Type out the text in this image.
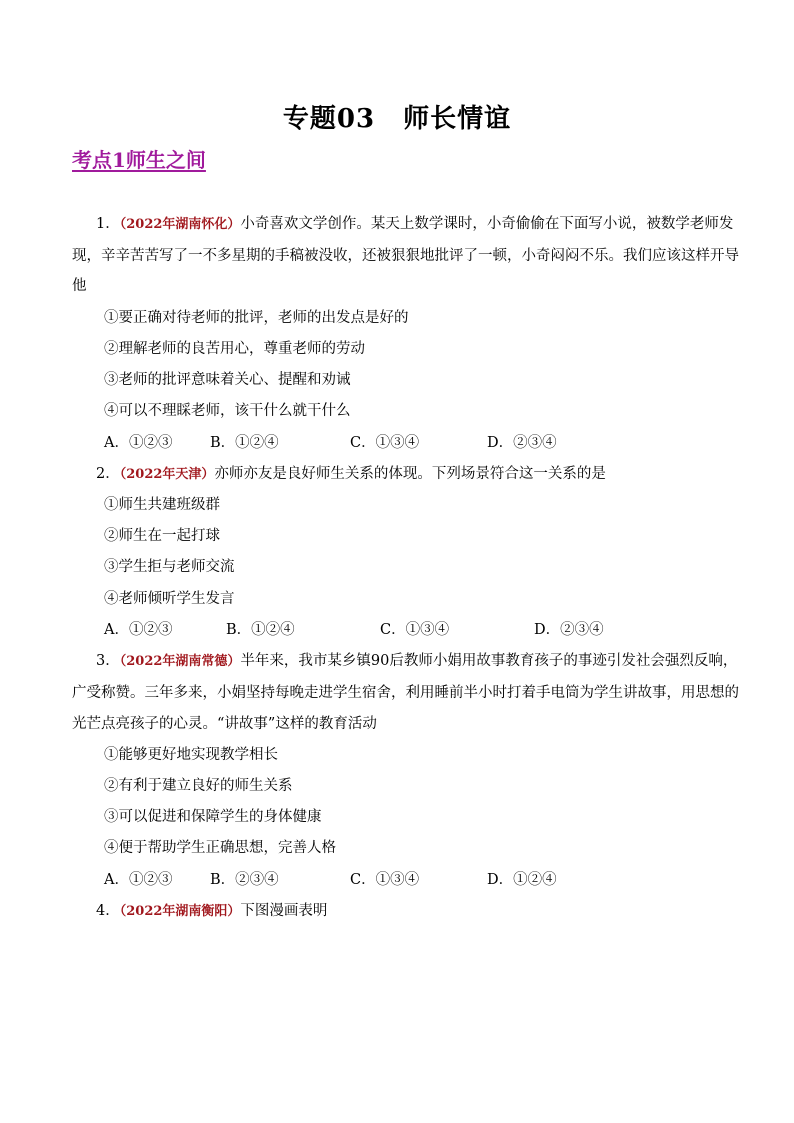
专题03 师长情谊
考点1师生之间
1．（2022年湖南怀化）小奇喜欢文学创作。某天上数学课时，小奇偷偷在下面写小说，被数学老师发
现，辛辛苦苦写了一不多星期的手稿被没收，还被狠狠地批评了一顿，小奇闷闷不乐。我们应该这样开导
他
①要正确对待老师的批评，老师的出发点是好的
②理解老师的良苦用心，尊重老师的劳动
③老师的批评意味着关心、提醒和劝诫
④可以不理睬老师，该干什么就干什么
A．①②③	B．①②④	C．①③④	D．②③④
2．（2022年天津）亦师亦友是良好师生关系的体现。下列场景符合这一关系的是
①师生共建班级群
②师生在一起打球
③学生拒与老师交流
④老师倾听学生发言
A．①②③	B．①②④	C．①③④	D．②③④
3．（2022年湖南常德）半年来，我市某乡镇90后教师小娟用故事教育孩子的事迹引发社会强烈反响，
广受称赞。三年多来，小娟坚持每晚走进学生宿舍，利用睡前半小时打着手电筒为学生讲故事，用思想的
光芒点亮孩子的心灵。“讲故事”这样的教育活动
①能够更好地实现教学相长
②有利于建立良好的师生关系
③可以促进和保障学生的身体健康
④便于帮助学生正确思想，完善人格
A．①②③	B．②③④	C．①③④	D．①②④
4．（2022年湖南衡阳）下图漫画表明
